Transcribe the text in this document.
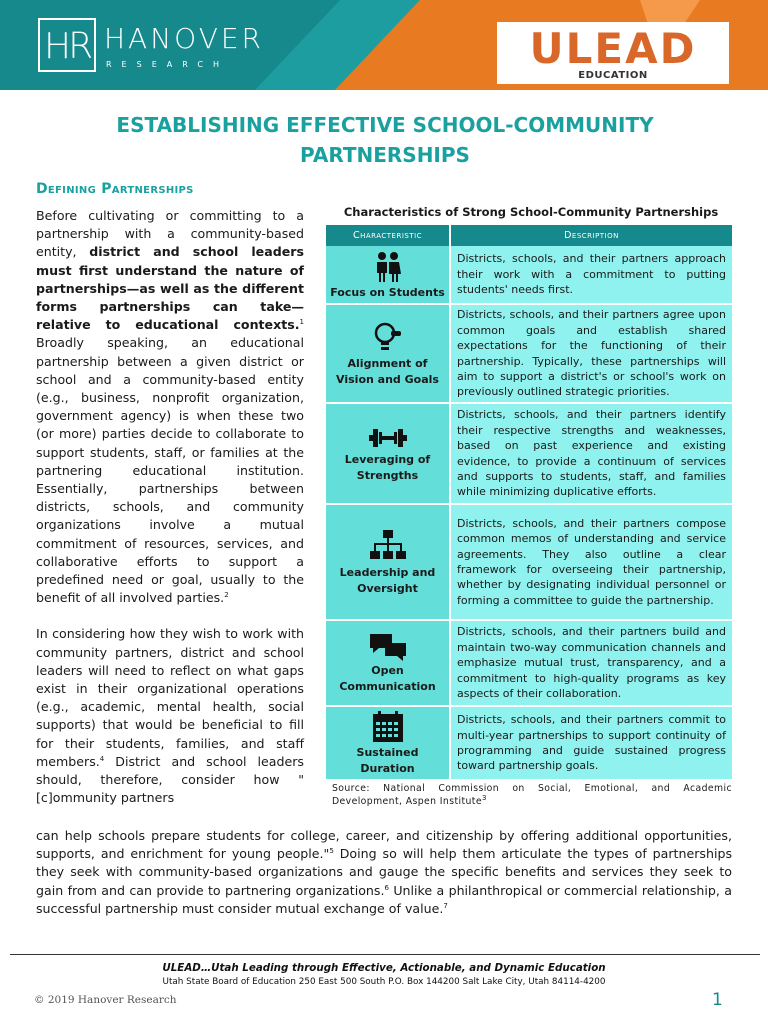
HR HANOVER
RESEARCH	ULEAD
EDUCATION
ESTABLISHING EFFECTIVE SCHOOL-COMMUNITY PARTNERSHIPS
Defining Partnerships

Before cultivating or committing to a partnership with a community-based entity, district and school leaders must first understand the nature of partnerships—as well as the different forms partnerships can take—relative to educational contexts.$^1$ Broadly speaking, an educational partnership between a given district or school and a community-based entity (e.g., business, nonprofit organization, government agency) is when these two (or more) parties decide to collaborate to support students, staff, or families at the partnering educational institution. Essentially, partnerships between districts, schools, and community organizations involve a mutual commitment of resources, services, and collaborative efforts to support a predefined need or goal, usually to the benefit of all involved parties.$^2$

In considering how they wish to work with community partners, district and school leaders will need to reflect on what gaps exist in their organizational operations (e.g., academic, mental health, social supports) that would be beneficial to fill for their students, families, and staff members.$^4$ District and school leaders should, therefore, consider how "[c]ommunity partners

Characteristics of Strong School-Community Partnerships
Characteristic	Description

Focus on Students	Districts, schools, and their partners approach their work with a commitment to putting students' needs first.

Alignment of Vision and Goals	Districts, schools, and their partners agree upon common goals and establish shared expectations for the functioning of their partnership. Typically, these partnerships will aim to support a district's or school's work on previously outlined strategic priorities.

Leveraging of Strengths	Districts, schools, and their partners identify their respective strengths and weaknesses, based on past experience and existing evidence, to provide a continuum of services and supports to students, staff, and families while minimizing duplicative efforts.

Leadership and Oversight	Districts, schools, and their partners compose common memos of understanding and service agreements. They also outline a clear framework for overseeing their partnership, whether by designating individual personnel or forming a committee to guide the partnership.

Open Communication	Districts, schools, and their partners build and maintain two-way communication channels and emphasize mutual trust, transparency, and a commitment to high-quality programs as key aspects of their collaboration.

Sustained Duration	Districts, schools, and their partners commit to multi-year partnerships to support continuity of programming and guide sustained progress toward partnership goals.
Source: National Commission on Social, Emotional, and Academic Development, Aspen Institute$^3$
can help schools prepare students for college, career, and citizenship by offering additional opportunities, supports, and enrichment for young people."$^5$ Doing so will help them articulate the types of partnerships they seek with community-based organizations and gauge the specific benefits and services they seek to gain from and can provide to partnering organizations.$^6$ Unlike a philanthropical or commercial relationship, a successful partnership must consider mutual exchange of value.$^7$
ULEAD…Utah Leading through Effective, Actionable, and Dynamic Education
Utah State Board of Education 250 East 500 South P.O. Box 144200 Salt Lake City, Utah 84114-4200
© 2019 Hanover Research	1
